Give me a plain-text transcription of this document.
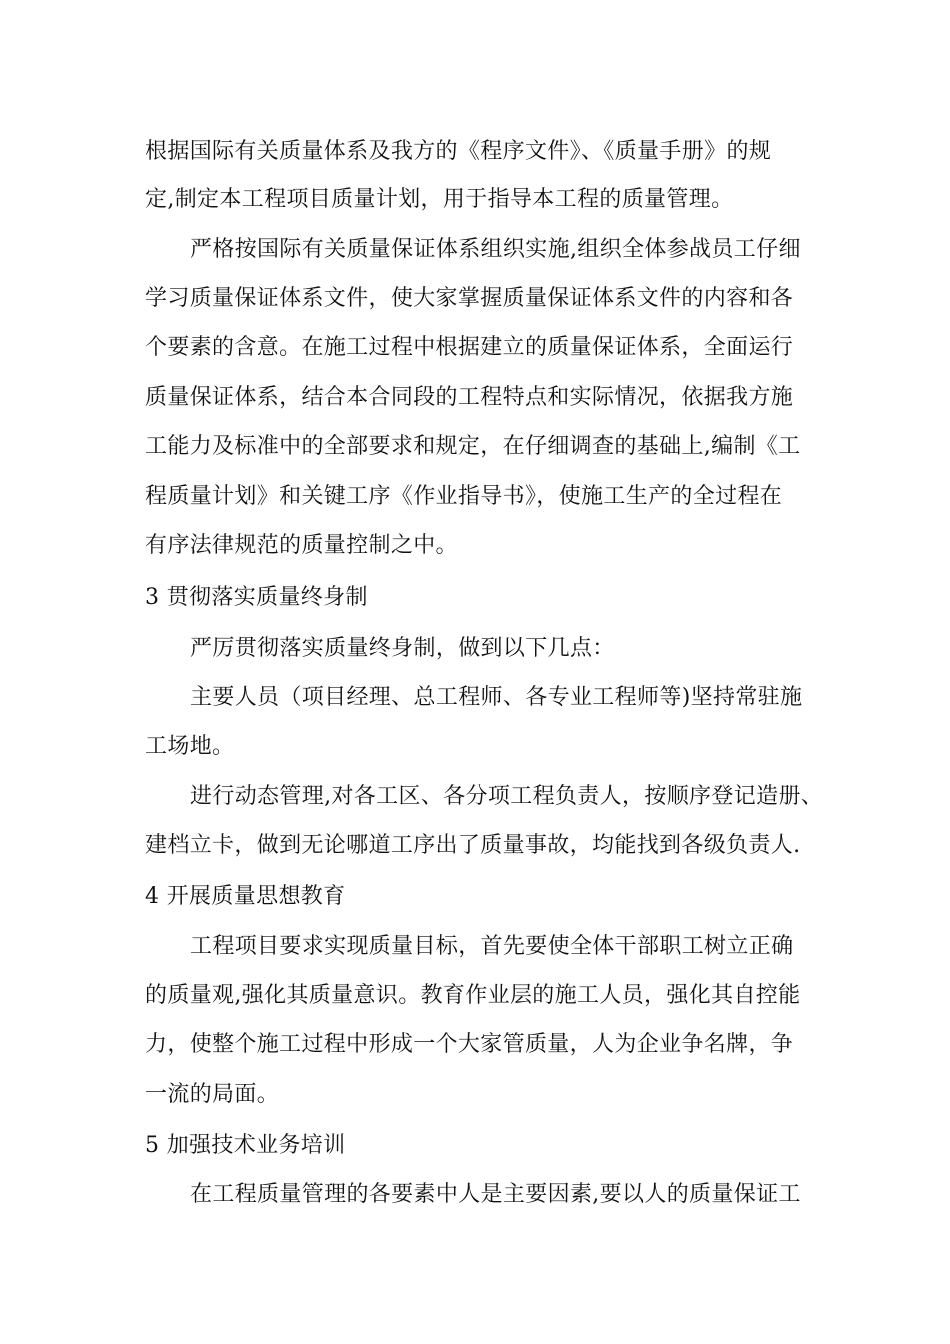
根据国际有关质量体系及我方的《程序文件》、《质量手册》的规
定,制定本工程项目质量计划，用于指导本工程的质量管理。
严格按国际有关质量保证体系组织实施,组织全体参战员工仔细
学习质量保证体系文件，使大家掌握质量保证体系文件的内容和各
个要素的含意。在施工过程中根据建立的质量保证体系，全面运行
质量保证体系，结合本合同段的工程特点和实际情况，依据我方施
工能力及标准中的全部要求和规定，在仔细调查的基础上,编制《工
程质量计划》和关键工序《作业指导书》，使施工生产的全过程在
有序法律规范的质量控制之中。
3 贯彻落实质量终身制
严厉贯彻落实质量终身制，做到以下几点：
主要人员（项目经理、总工程师、各专业工程师等)坚持常驻施
工场地。
进行动态管理,对各工区、各分项工程负责人，按顺序登记造册、
建档立卡，做到无论哪道工序出了质量事故，均能找到各级负责人.
4 开展质量思想教育
工程项目要求实现质量目标，首先要使全体干部职工树立正确
的质量观,强化其质量意识。教育作业层的施工人员，强化其自控能
力，使整个施工过程中形成一个大家管质量，人为企业争名牌，争
一流的局面。
5 加强技术业务培训
在工程质量管理的各要素中人是主要因素,要以人的质量保证工
